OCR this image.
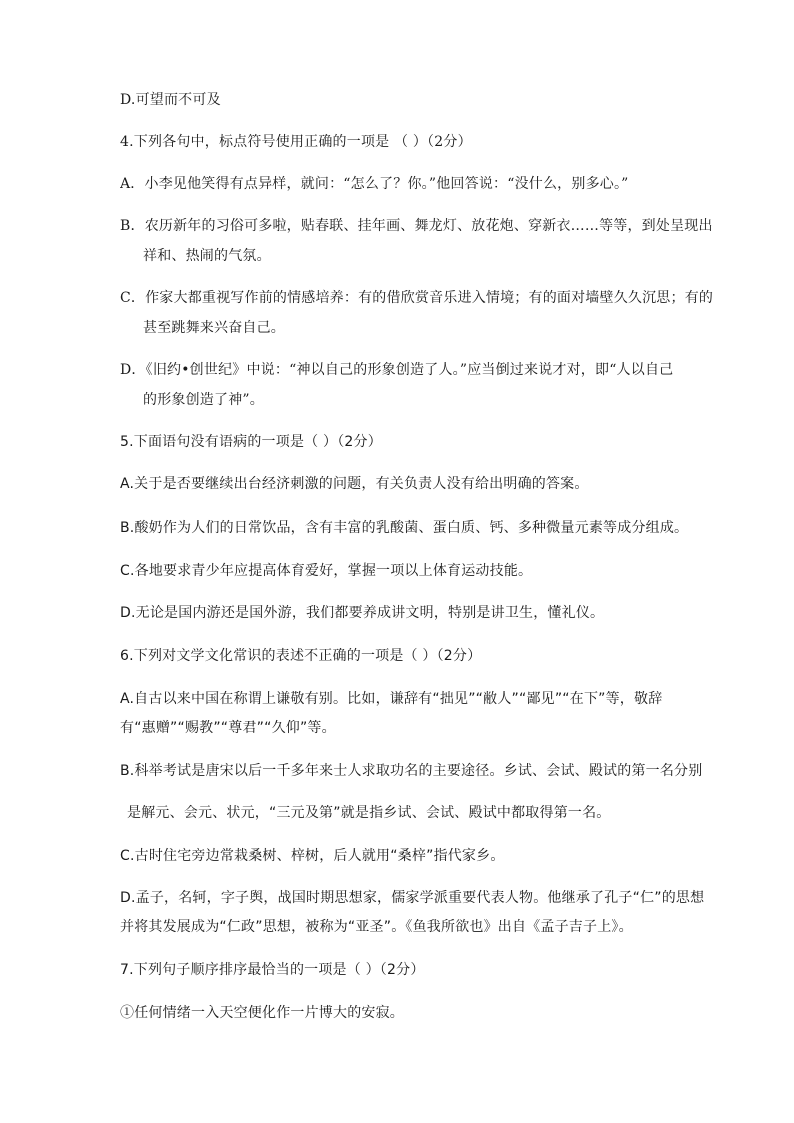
D.可望而不可及
4.下列各句中，标点符号使用正确的一项是 （ ）（2分）
A．小李见他笑得有点异样，就问：“怎么了？你。”他回答说：“没什么，别多心。”
B．农历新年的习俗可多啦，贴春联、挂年画、舞龙灯、放花炮、穿新衣……等等，到处呈现出
祥和、热闹的气氛。
C．作家大都重视写作前的情感培养：有的借欣赏音乐进入情境；有的面对墙壁久久沉思；有的
甚至跳舞来兴奋自己。
D．《旧约•创世纪》中说：“神以自己的形象创造了人。”应当倒过来说才对，即“人以自己
的形象创造了神”。
5.下面语句没有语病的一项是（ ）（2分）
A.关于是否要继续出台经济刺激的问题，有关负责人没有给出明确的答案。
B.酸奶作为人们的日常饮品，含有丰富的乳酸菌、蛋白质、钙、多种微量元素等成分组成。
C.各地要求青少年应提高体育爱好，掌握一项以上体育运动技能。
D.无论是国内游还是国外游，我们都要养成讲文明，特别是讲卫生，懂礼仪。
6.下列对文学文化常识的表述不正确的一项是（ ）（2分）
A.自古以来中国在称谓上谦敬有别。比如，谦辞有“拙见”“敝人”“鄙见”“在下”等，敬辞
有“惠赠”“赐教”“尊君”“久仰”等。
B.科举考试是唐宋以后一千多年来士人求取功名的主要途径。乡试、会试、殿试的第一名分别
是解元、会元、状元，“三元及第”就是指乡试、会试、殿试中都取得第一名。
C.古时住宅旁边常栽桑树、梓树，后人就用“桑梓”指代家乡。
D.孟子，名轲，字子舆，战国时期思想家，儒家学派重要代表人物。他继承了孔子“仁”的思想
并将其发展成为“仁政”思想，被称为“亚圣”。《鱼我所欲也》出自《孟子吉子上》。
7.下列句子顺序排序最恰当的一项是（ ）（2分）
①任何情绪一入天空便化作一片博大的安寂。
